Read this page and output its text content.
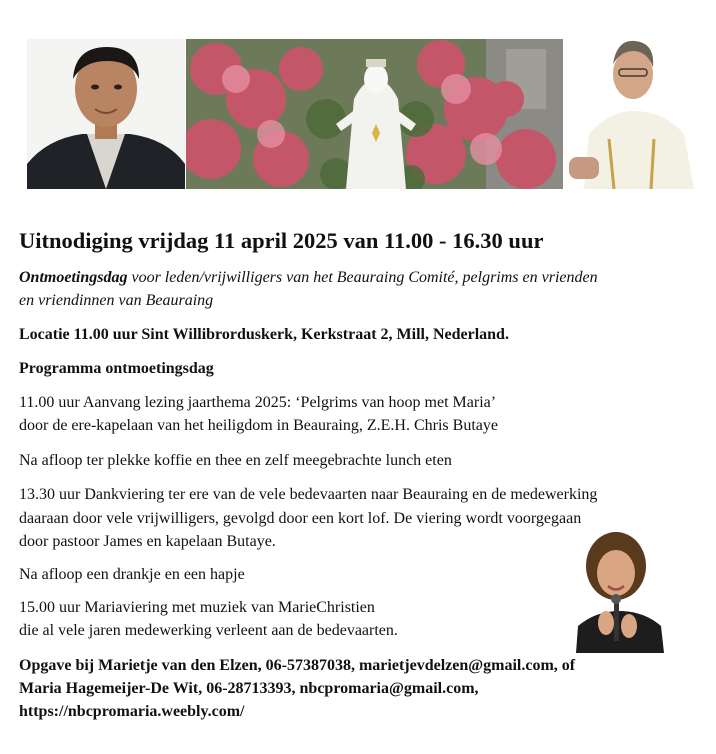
Uitnodiging vrijdag 11 april 2025 van 11.00 - 16.30 uur

Ontmoetingsdag voor leden/vrijwilligers van het Beauraing Comité, pelgrims en vrienden
en vriendinnen van Beauraing

Locatie 11.00 uur Sint Willibrorduskerk, Kerkstraat 2, Mill, Nederland.

Programma ontmoetingsdag

11.00 uur Aanvang lezing jaarthema 2025: ‘Pelgrims van hoop met Maria’
door de ere-kapelaan van het heiligdom in Beauraing, Z.E.H. Chris Butaye

Na afloop ter plekke koffie en thee en zelf meegebrachte lunch eten

13.30 uur Dankviering ter ere van de vele bedevaarten naar Beauraing en de medewerking
daaraan door vele vrijwilligers, gevolgd door een kort lof. De viering wordt voorgegaan
door pastoor James en kapelaan Butaye.

Na afloop een drankje en een hapje

15.00 uur Mariaviering met muziek van MarieChristien
die al vele jaren medewerking verleent aan de bedevaarten.

Opgave bij Marietje van den Elzen, 06-57387038, marietjevdelzen@gmail.com, of
Maria Hagemeijer-De Wit, 06-28713393, nbcpromaria@gmail.com,
https://nbcpromaria.weebly.com/
